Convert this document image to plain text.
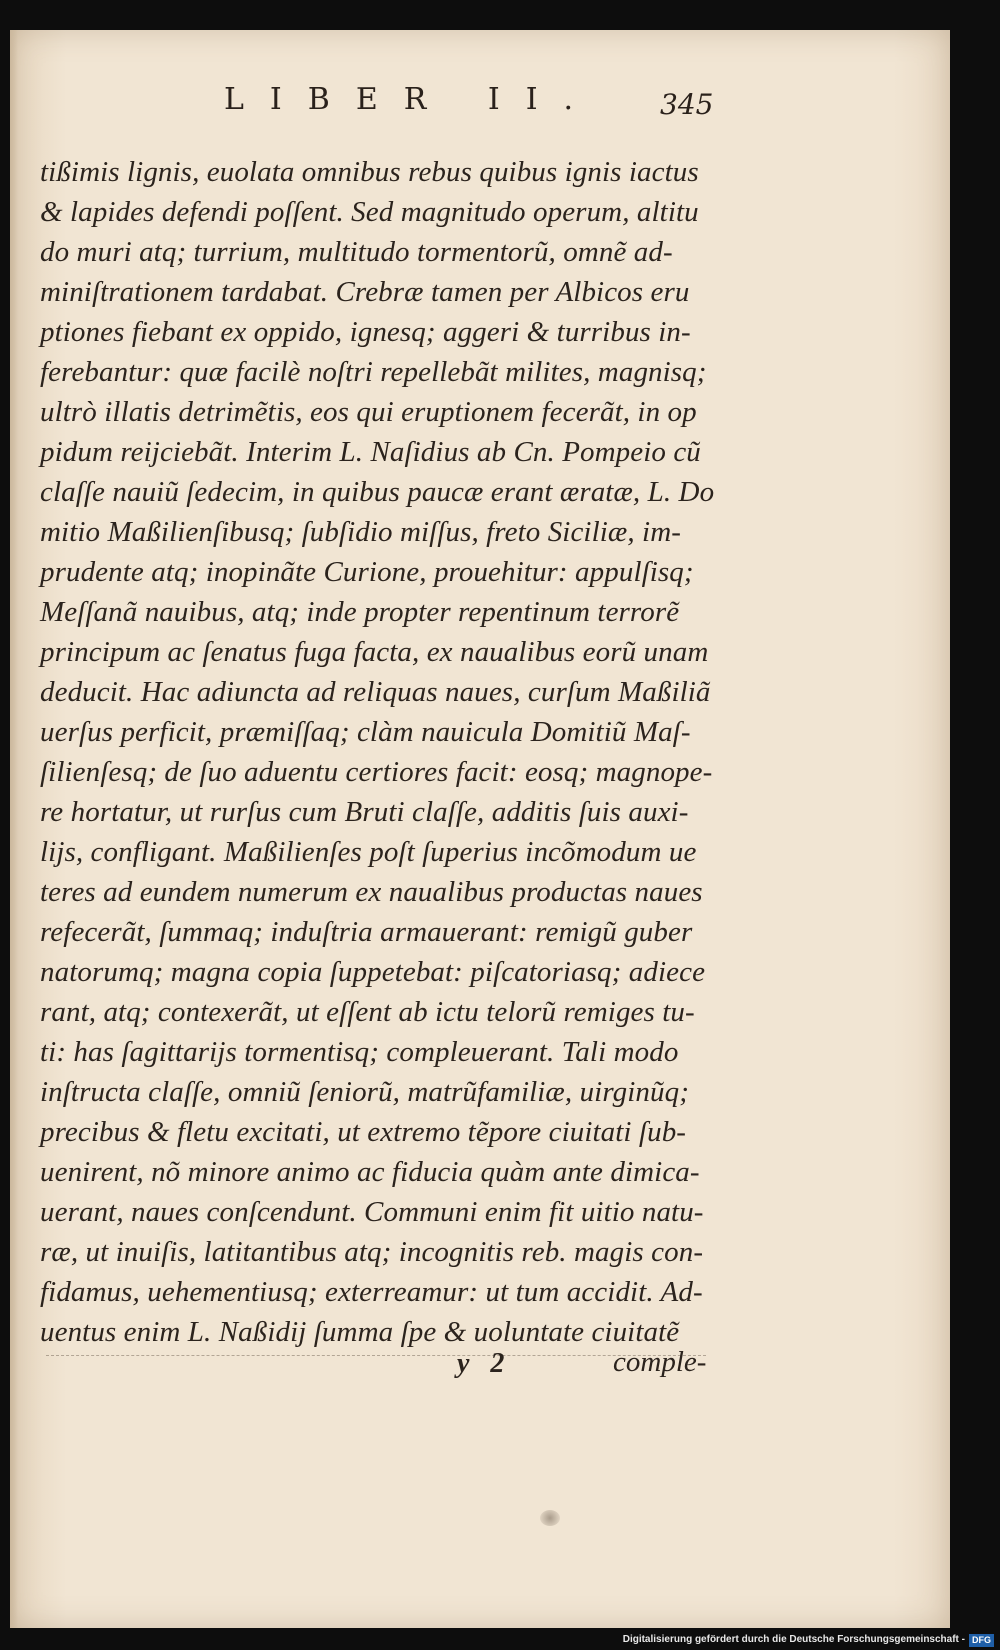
LIBER II. 345
tißimis lignis, euolata omnibus rebus quibus ignis iactus
& lapides defendi poſſent. Sed magnitudo operum, altitu
do muri atq; turrium, multitudo tormentorũ, omnẽ ad-
miniſtrationem tardabat. Crebræ tamen per Albicos eru
ptiones fiebant ex oppido, ignesq; aggeri & turribus in-
ferebantur: quæ facilè noſtri repellebãt milites, magnisq;
ultrò illatis detrimẽtis, eos qui eruptionem fecerãt, in op
pidum reijciebãt. Interim L. Naſidius ab Cn. Pompeio cũ
claſſe nauiũ ſedecim, in quibus paucæ erant æratæ, L. Do
mitio Maßilienſibusq; ſubſidio miſſus, freto Siciliæ, im-
prudente atq; inopinãte Curione, prouehitur: appulſisq;
Meſſanã nauibus, atq; inde propter repentinum terrorẽ
principum ac ſenatus fuga facta, ex naualibus eorũ unam
deducit. Hac adiuncta ad reliquas naues, curſum Maßiliã
uerſus perficit, præmiſſaq; clàm nauicula Domitiũ Maſ-
ſilienſesq; de ſuo aduentu certiores facit: eosq; magnope-
re hortatur, ut rurſus cum Bruti claſſe, additis ſuis auxi-
lijs, confligant. Maßilienſes poſt ſuperius incõmodum ue
teres ad eundem numerum ex naualibus productas naues
refecerãt, ſummaq; induſtria armauerant: remigũ guber
natorumq; magna copia ſuppetebat: piſcatoriasq; adiece
rant, atq; contexerãt, ut eſſent ab ictu telorũ remiges tu-
ti: has ſagittarijs tormentisq; compleuerant. Tali modo
inſtructa claſſe, omniũ ſeniorũ, matrũfamiliæ, uirginũq;
precibus & fletu excitati, ut extremo tẽpore ciuitati ſub-
uenirent, nõ minore animo ac fiducia quàm ante dimica-
uerant, naues conſcendunt. Communi enim fit uitio natu-
ræ, ut inuiſis, latitantibus atq; incognitis reb. magis con-
fidamus, uehementiusq; exterreamur: ut tum accidit. Ad-
uentus enim L. Naßidij ſumma ſpe & uoluntate ciuitatẽ
y 2	comple-
Digitalisierung gefördert durch die Deutsche Forschungsgemeinschaft - DFG
